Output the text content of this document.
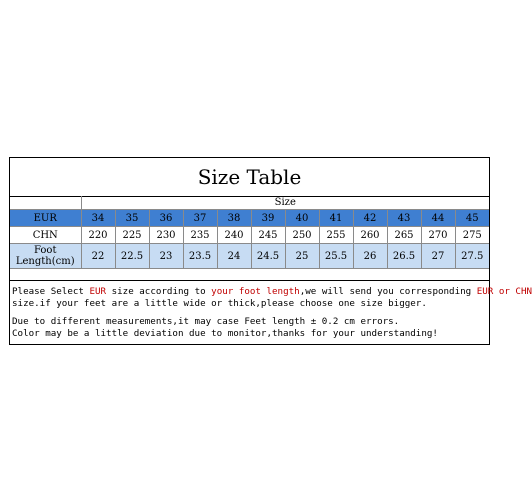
Size Table
	Size											
EUR	34	35	36	37	38	39	40	41	42	43	44	45
CHN	220	225	230	235	240	245	250	255	260	265	270	275
Foot
Length(cm)	22	22.5	23	23.5	24	24.5	25	25.5	26	26.5	27	27.5

Please Select EUR size according to your foot length,we will send you corresponding EUR or CHN

size.if your feet are a little wide or thick,please choose one size bigger.

Due to different measurements,it may case Feet length ± 0.2 cm errors.

Color may be a little deviation due to monitor,thanks for your understanding!
